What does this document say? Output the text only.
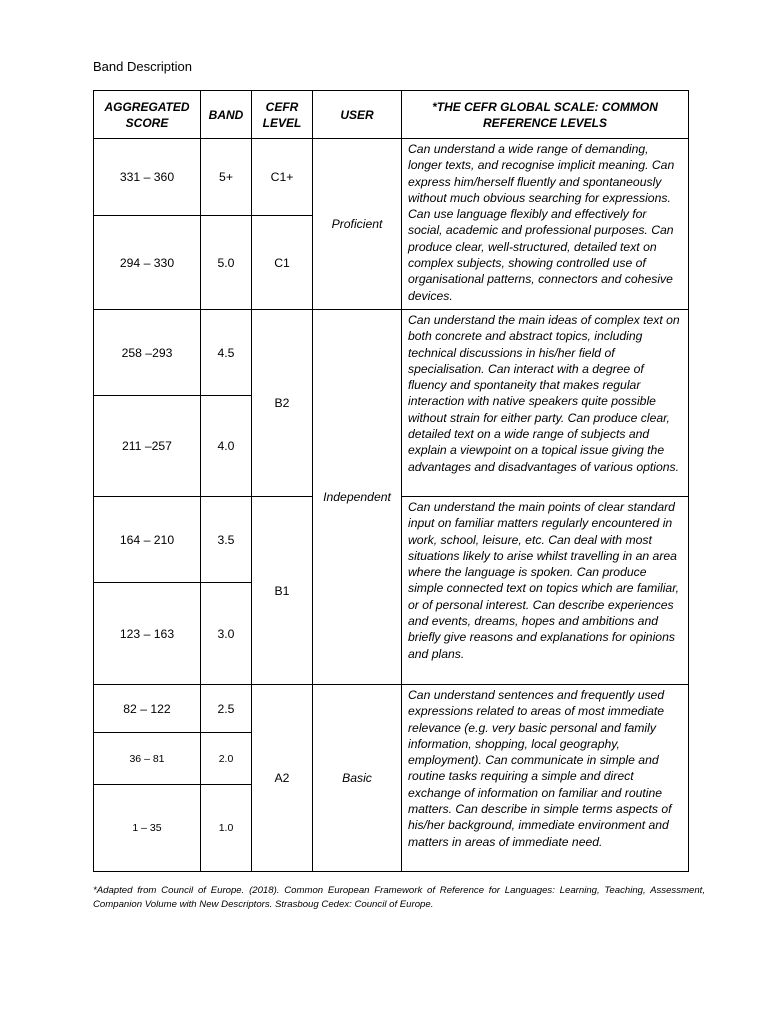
Band Description
AGGREGATED SCORE	BAND	CEFR LEVEL	USER	*THE CEFR GLOBAL SCALE: COMMON REFERENCE LEVELS
331 – 360	5+	C1+	Proficient	Can understand a wide range of demanding, longer texts, and recognise implicit meaning. Can express him/herself fluently and spontaneously without much obvious searching for expressions. Can use language flexibly and effectively for social, academic and professional purposes. Can produce clear, well-structured, detailed text on complex subjects, showing controlled use of organisational patterns, connectors and cohesive devices.
294 – 330	5.0	C1		
258 –293	4.5	B2	Independent	Can understand the main ideas of complex text on both concrete and abstract topics, including technical discussions in his/her field of specialisation. Can interact with a degree of fluency and spontaneity that makes regular interaction with native speakers quite possible without strain for either party. Can produce clear, detailed text on a wide range of subjects and explain a viewpoint on a topical issue giving the advantages and disadvantages of various options.
211 –257	4.0			
164 – 210	3.5	B1		Can understand the main points of clear standard input on familiar matters regularly encountered in work, school, leisure, etc. Can deal with most situations likely to arise whilst travelling in an area where the language is spoken. Can produce simple connected text on topics which are familiar, or of personal interest. Can describe experiences and events, dreams, hopes and ambitions and briefly give reasons and explanations for opinions and plans.
123 – 163	3.0			
82 – 122	2.5	A2	Basic	Can understand sentences and frequently used expressions related to areas of most immediate relevance (e.g. very basic personal and family information, shopping, local geography, employment). Can communicate in simple and routine tasks requiring a simple and direct exchange of information on familiar and routine matters. Can describe in simple terms aspects of his/her background, immediate environment and matters in areas of immediate need.
36 – 81	2.0			
1 – 35	1.0			
*Adapted from Council of Europe. (2018). Common European Framework of Reference for Languages: Learning, Teaching, Assessment, Companion Volume with New Descriptors. Strasboug Cedex: Council of Europe.
